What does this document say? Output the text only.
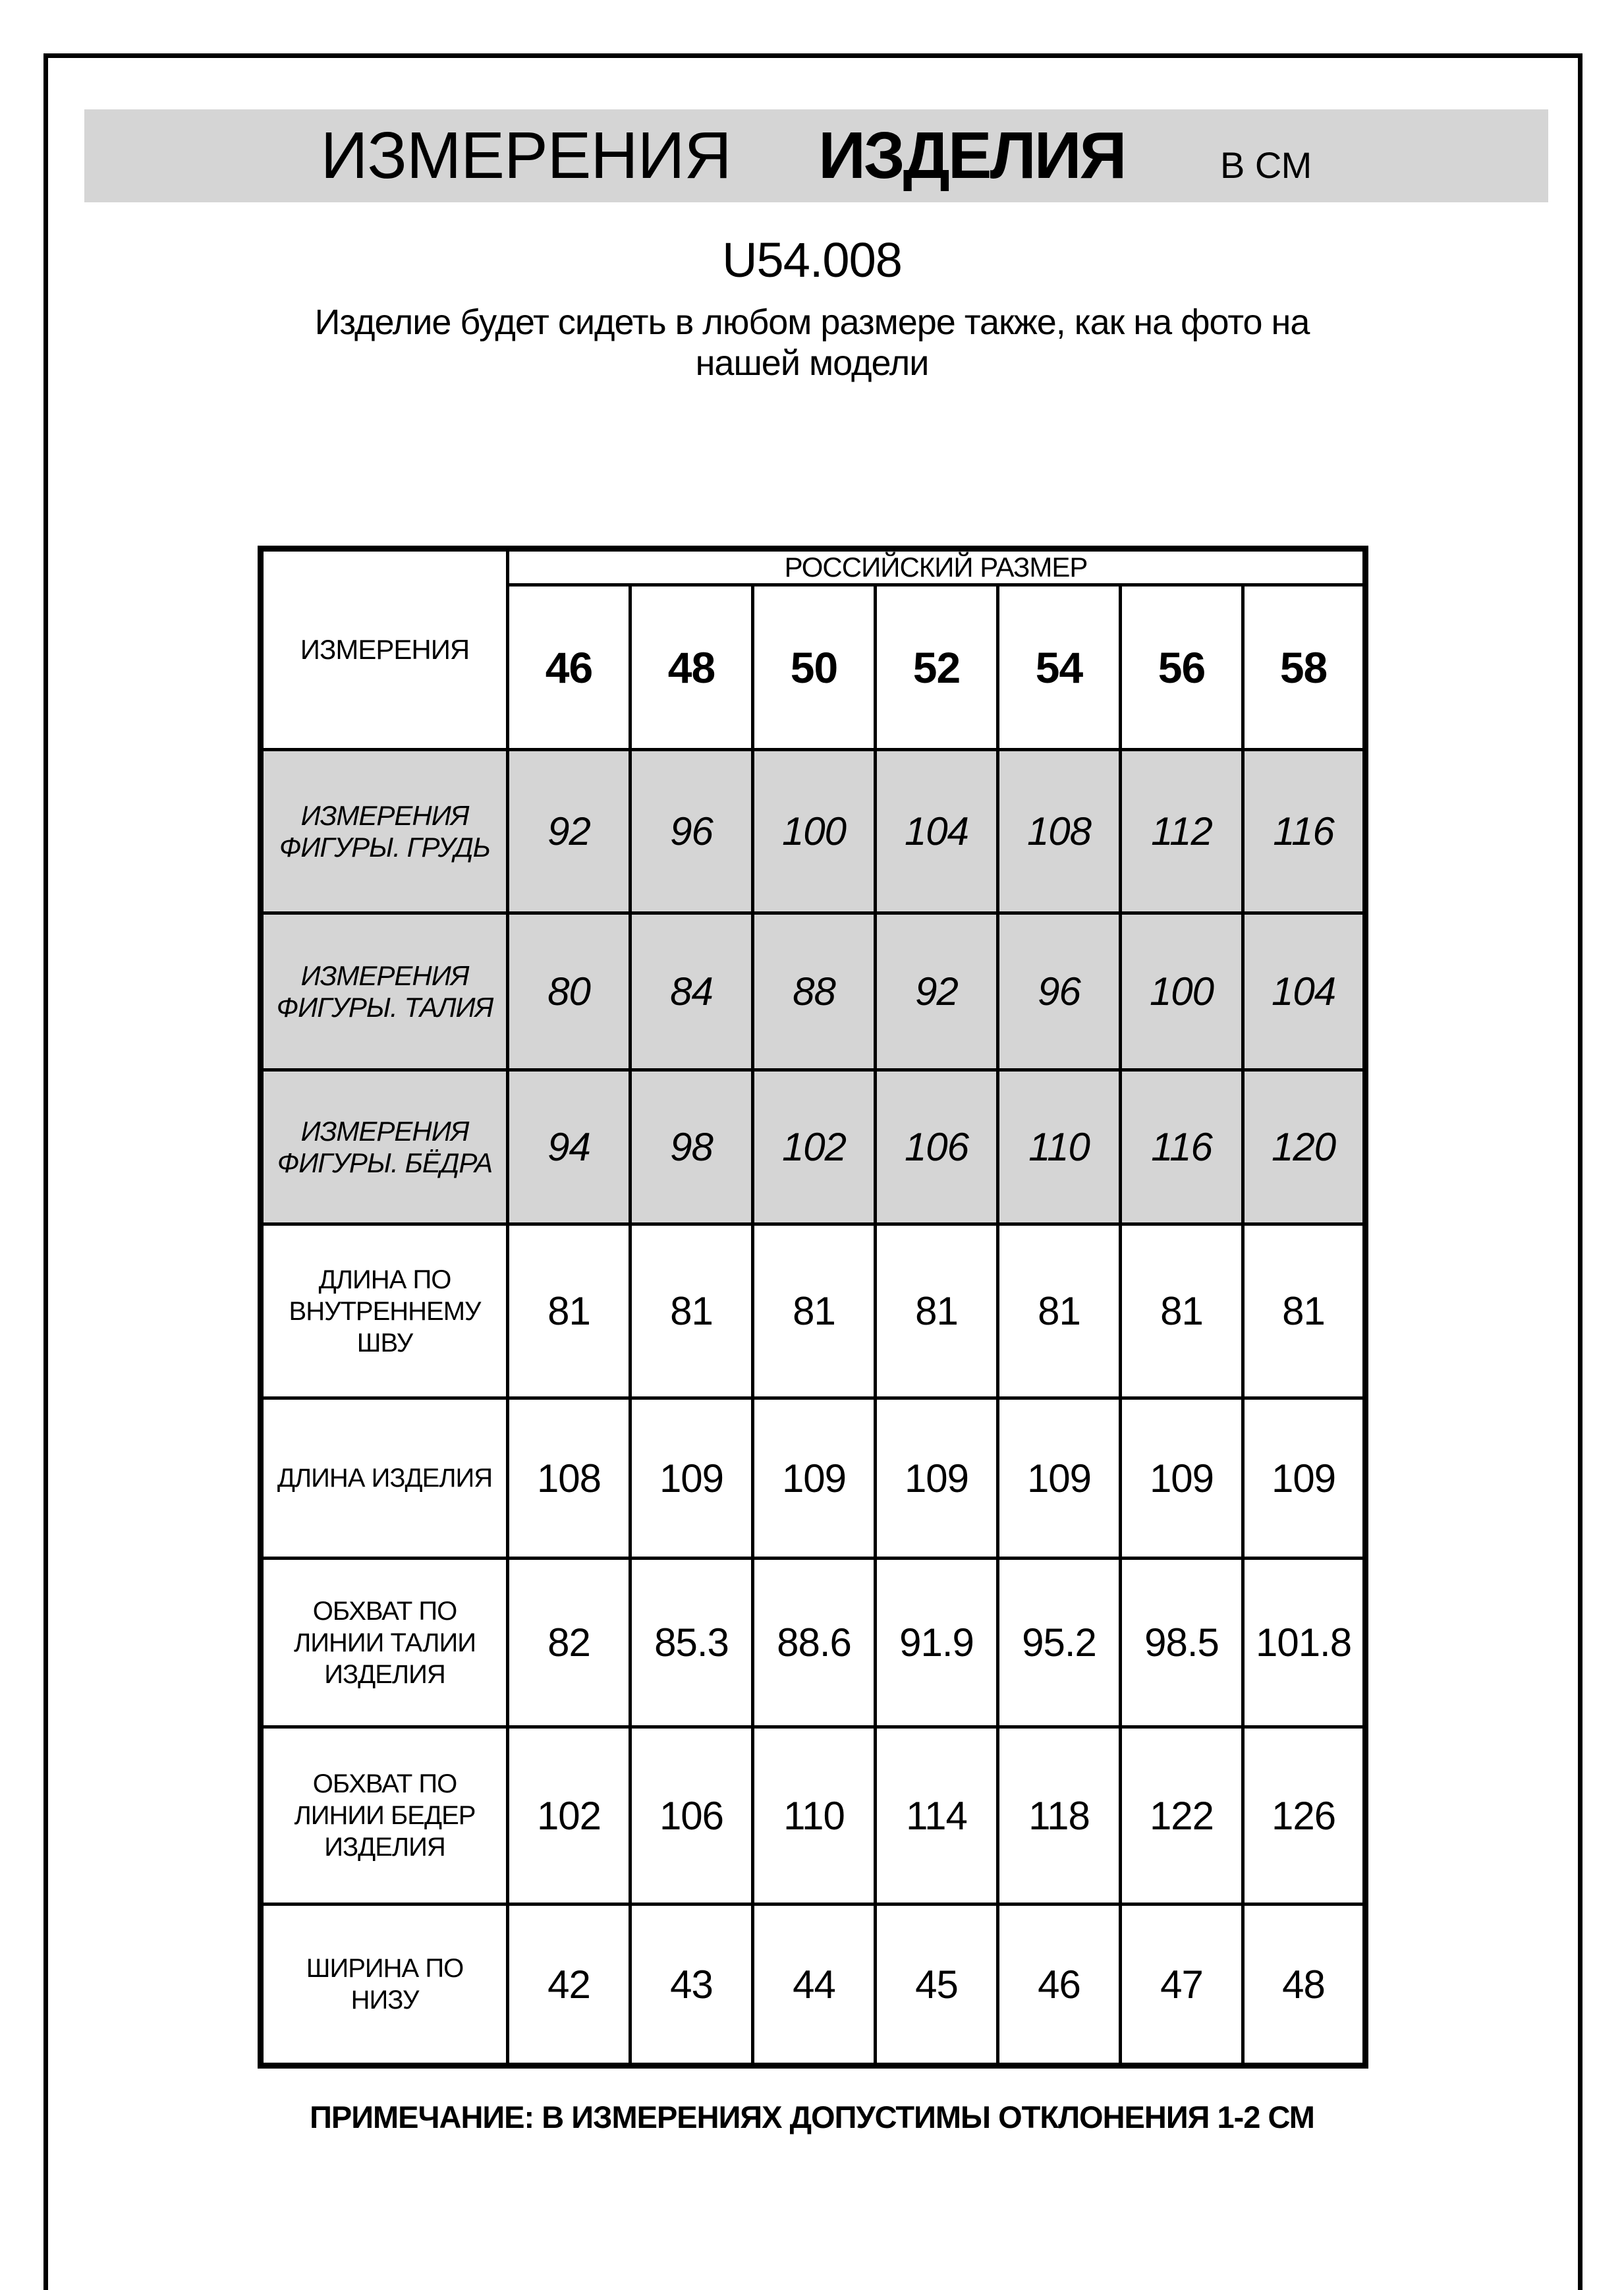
ИЗМЕРЕНИЯ ИЗДЕЛИЯ	В СМ
U54.008
Изделие будет сидеть в любом размере также, как на фото на
нашей модели
ИЗМЕРЕНИЯ	РОССИЙСКИЙ РАЗМЕР						
	46	48	50	52	54	56	58

ИЗМЕРЕНИЯ
ФИГУРЫ. ГРУДЬ	92	96	100	104	108	112	116

ИЗМЕРЕНИЯ
ФИГУРЫ. ТАЛИЯ	80	84	88	92	96	100	104

ИЗМЕРЕНИЯ
ФИГУРЫ. БЁДРА	94	98	102	106	110	116	120

ДЛИНА ПО
ВНУТРЕННЕМУ
ШВУ	81	81	81	81	81	81	81

ДЛИНА ИЗДЕЛИЯ	108	109	109	109	109	109	109

ОБХВАТ ПО
ЛИНИИ ТАЛИИ
ИЗДЕЛИЯ	82	85.3	88.6	91.9	95.2	98.5	101.8

ОБХВАТ ПО
ЛИНИИ БЕДЕР
ИЗДЕЛИЯ	102	106	110	114	118	122	126

ШИРИНА ПО
НИЗУ	42	43	44	45	46	47	48
ПРИМЕЧАНИЕ: В ИЗМЕРЕНИЯХ ДОПУСТИМЫ ОТКЛОНЕНИЯ 1-2 СМ
